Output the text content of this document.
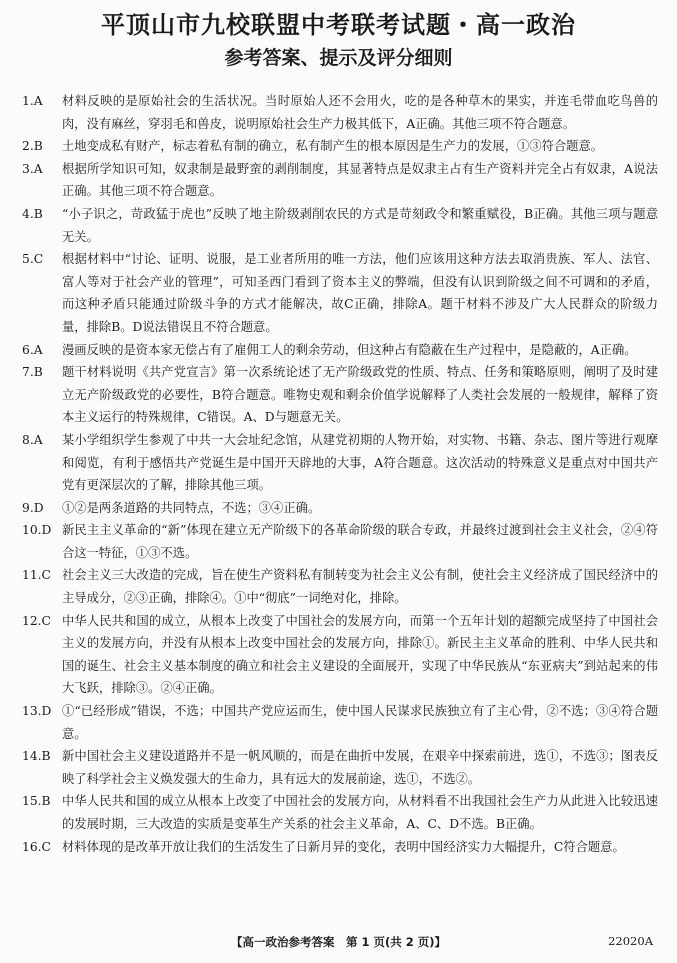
平顶山市九校联盟中考联考试题・高一政治
参考答案、提示及评分细则
1.A	材料反映的是原始社会的生活状况。当时原始人还不会用火，吃的是各种草木的果实，并连毛带血吃鸟兽的肉，没有麻丝，穿羽毛和兽皮，说明原始社会生产力极其低下，A正确。其他三项不符合题意。
2.B	土地变成私有财产，标志着私有制的确立，私有制产生的根本原因是生产力的发展，①③符合题意。
3.A	根据所学知识可知，奴隶制是最野蛮的剥削制度，其显著特点是奴隶主占有生产资料并完全占有奴隶，A说法正确。其他三项不符合题意。
4.B	“小子识之，苛政猛于虎也”反映了地主阶级剥削农民的方式是苛刻政令和繁重赋役，B正确。其他三项与题意无关。
5.C	根据材料中“讨论、证明、说服，是工业者所用的唯一方法，他们应该用这种方法去取消贵族、军人、法官、富人等对于社会产业的管理”，可知圣西门看到了资本主义的弊端，但没有认识到阶级之间不可调和的矛盾，而这种矛盾只能通过阶级斗争的方式才能解决，故C正确，排除A。题干材料不涉及广大人民群众的阶级力量，排除B。D说法错误且不符合题意。
6.A	漫画反映的是资本家无偿占有了雇佣工人的剩余劳动，但这种占有隐蔽在生产过程中，是隐蔽的，A正确。
7.B	题干材料说明《共产党宣言》第一次系统论述了无产阶级政党的性质、特点、任务和策略原则，阐明了及时建立无产阶级政党的必要性，B符合题意。唯物史观和剩余价值学说解释了人类社会发展的一般规律，解释了资本主义运行的特殊规律，C错误。A、D与题意无关。
8.A	某小学组织学生参观了中共一大会址纪念馆，从建党初期的人物开始，对实物、书籍、杂志、图片等进行观摩和阅览，有利于感悟共产党诞生是中国开天辟地的大事，A符合题意。这次活动的特殊意义是重点对中国共产党有更深层次的了解，排除其他三项。
9.D	①②是两条道路的共同特点，不选；③④正确。
10.D 新民主主义革命的“新”体现在建立无产阶级下的各革命阶级的联合专政，并最终过渡到社会主义社会，②④符合这一特征，①③不选。
11.C 社会主义三大改造的完成，旨在使生产资料私有制转变为社会主义公有制，使社会主义经济成了国民经济中的主导成分，②③正确，排除④。①中“彻底”一词绝对化，排除。
12.C 中华人民共和国的成立，从根本上改变了中国社会的发展方向，而第一个五年计划的超额完成坚持了中国社会主义的发展方向，并没有从根本上改变中国社会的发展方向，排除①。新民主主义革命的胜利、中华人民共和国的诞生、社会主义基本制度的确立和社会主义建设的全面展开，实现了中华民族从“东亚病夫”到站起来的伟大飞跃，排除③。②④正确。
13.D ①“已经形成”错误，不选；中国共产党应运而生，使中国人民谋求民族独立有了主心骨，②不选；③④符合题意。
14.B 新中国社会主义建设道路并不是一帆风顺的，而是在曲折中发展，在艰辛中探索前进，选①，不选③；图表反映了科学社会主义焕发强大的生命力，具有远大的发展前途，选①，不选②。
15.B 中华人民共和国的成立从根本上改变了中国社会的发展方向，从材料看不出我国社会生产力从此进入比较迅速的发展时期，三大改造的实质是变革生产关系的社会主义革命，A、C、D不选。B正确。
16.C 材料体现的是改革开放让我们的生活发生了日新月异的变化，表明中国经济实力大幅提升，C符合题意。
【高一政治参考答案　第 1 页(共 2 页)】	22020A
